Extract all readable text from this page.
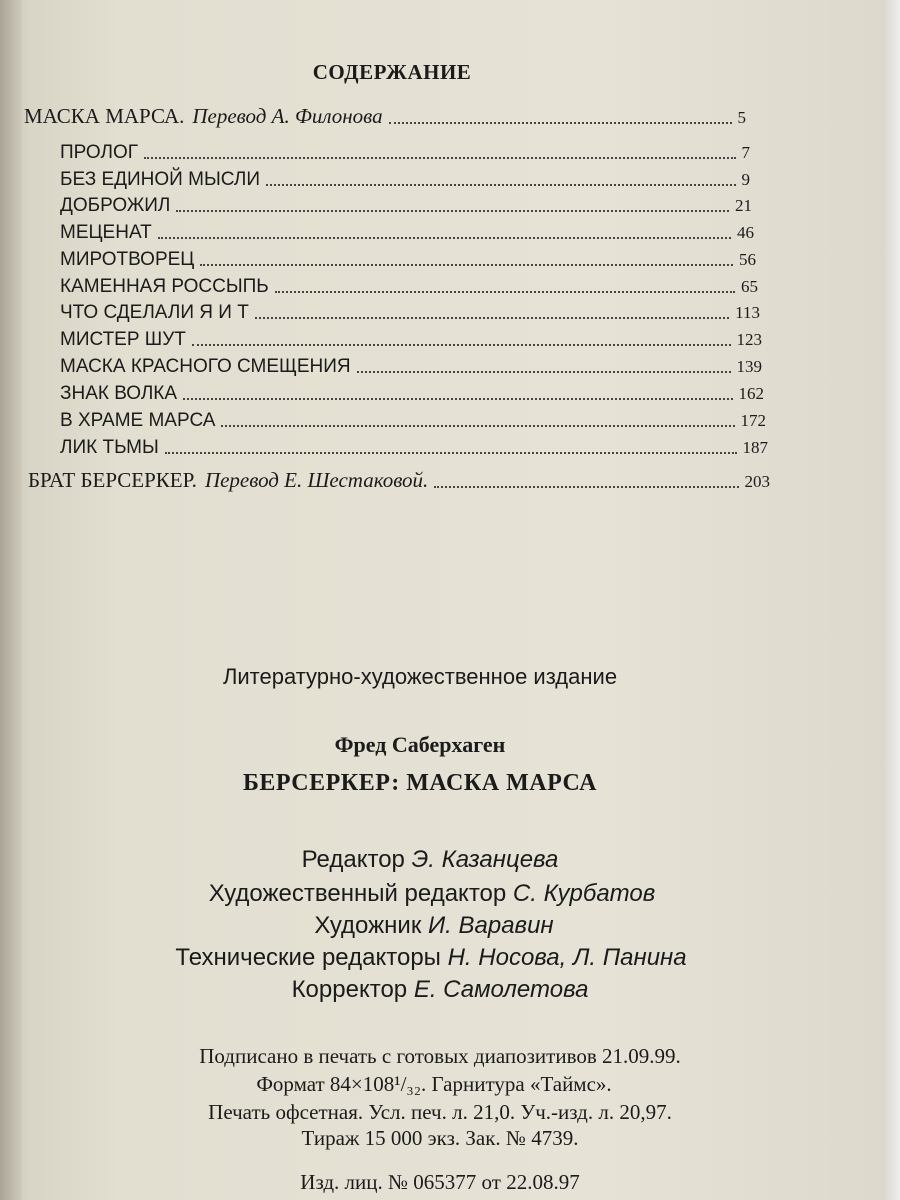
СОДЕРЖАНИЕ
МАСКА МАРСА. Перевод А. Филонова	5
ПРОЛОГ	7
БЕЗ ЕДИНОЙ МЫСЛИ	9
ДОБРОЖИЛ	21
МЕЦЕНАТ	46
МИРОТВОРЕЦ	56
КАМЕННАЯ РОССЫПЬ	65
ЧТО СДЕЛАЛИ Я И Т	113
МИСТЕР ШУТ	123
МАСКА КРАСНОГО СМЕЩЕНИЯ	139
ЗНАК ВОЛКА	162
В ХРАМЕ МАРСА	172
ЛИК ТЬМЫ	187
БРАТ БЕРСЕРКЕР. Перевод Е. Шестаковой.	203
Литературно-художественное издание
Фред Саберхаген
БЕРСЕРКЕР: МАСКА МАРСА
Редактор Э. Казанцева
Художественный редактор С. Курбатов
Художник И. Варавин
Технические редакторы Н. Носова, Л. Панина
Корректор Е. Самолетова
Подписано в печать с готовых диапозитивов 21.09.99.
Формат 84×108¹/₃₂. Гарнитура «Таймс».
Печать офсетная. Усл. печ. л. 21,0. Уч.-изд. л. 20,97.
Тираж 15 000 экз. Зак. № 4739.
Изд. лиц. № 065377 от 22.08.97
